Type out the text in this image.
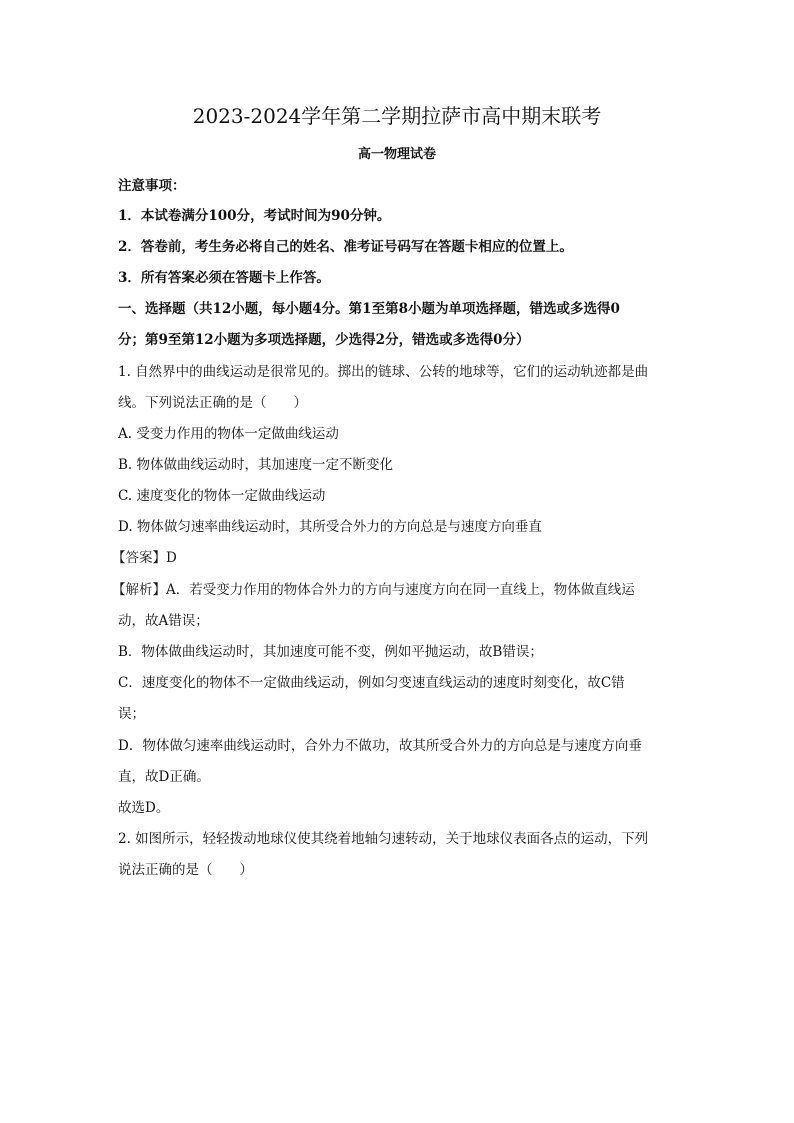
2023-2024学年第二学期拉萨市高中期末联考
高一物理试卷
注意事项：
1．本试卷满分100分，考试时间为90分钟。
2．答卷前，考生务必将自己的姓名、准考证号码写在答题卡相应的位置上。
3．所有答案必须在答题卡上作答。
一、选择题（共12小题，每小题4分。第1至第8小题为单项选择题，错选或多选得0
分；第9至第12小题为多项选择题，少选得2分，错选或多选得0分）
1. 自然界中的曲线运动是很常见的。掷出的链球、公转的地球等，它们的运动轨迹都是曲
线。下列说法正确的是（　　）
A. 受变力作用的物体一定做曲线运动
B. 物体做曲线运动时，其加速度一定不断变化
C. 速度变化的物体一定做曲线运动
D. 物体做匀速率曲线运动时，其所受合外力的方向总是与速度方向垂直
【答案】D
【解析】A．若受变力作用的物体合外力的方向与速度方向在同一直线上，物体做直线运
动，故A错误；
B．物体做曲线运动时，其加速度可能不变，例如平抛运动，故B错误；
C．速度变化的物体不一定做曲线运动，例如匀变速直线运动的速度时刻变化，故C错
误；
D．物体做匀速率曲线运动时，合外力不做功，故其所受合外力的方向总是与速度方向垂
直，故D正确。
故选D。
2. 如图所示，轻轻拨动地球仪使其绕着地轴匀速转动，关于地球仪表面各点的运动，下列
说法正确的是（　　）
